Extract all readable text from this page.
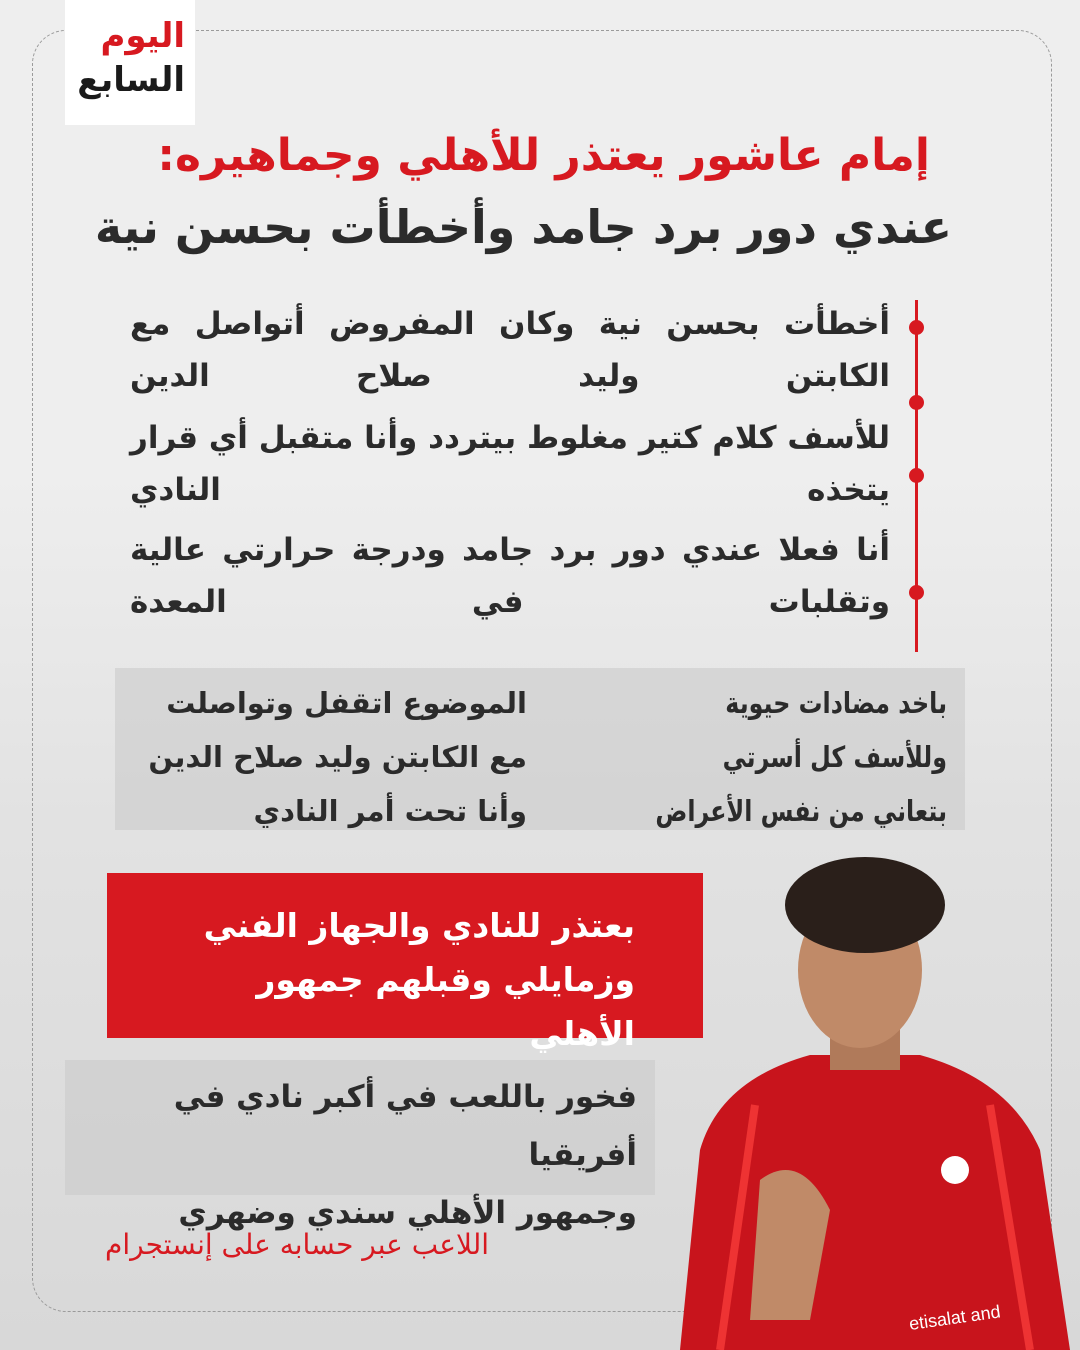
اليوم
السابع
إمام عاشور يعتذر للأهلي وجماهيره:
عندي دور برد جامد وأخطأت بحسن نية
أخطأت بحسن نية وكان المفروض أتواصل مع الكابتن وليد صلاح الدين
للأسف كلام كتير مغلوط بيتردد وأنا متقبل أي قرار يتخذه النادي
أنا فعلا عندي دور برد جامد ودرجة حرارتي عالية وتقلبات في المعدة
الموضوع اتقفل وتواصلت
مع الكابتن وليد صلاح الدين
وأنا تحت أمر النادي
باخد مضادات حيوية
وللأسف كل أسرتي
بتعاني من نفس الأعراض
بعتذر للنادي والجهاز الفني
وزمايلي وقبلهم جمهور الأهلي
فخور باللعب في أكبر نادي في أفريقيا
وجمهور الأهلي سندي وضهري
اللاعب عبر حسابه على إنستجرام
etisalat and
